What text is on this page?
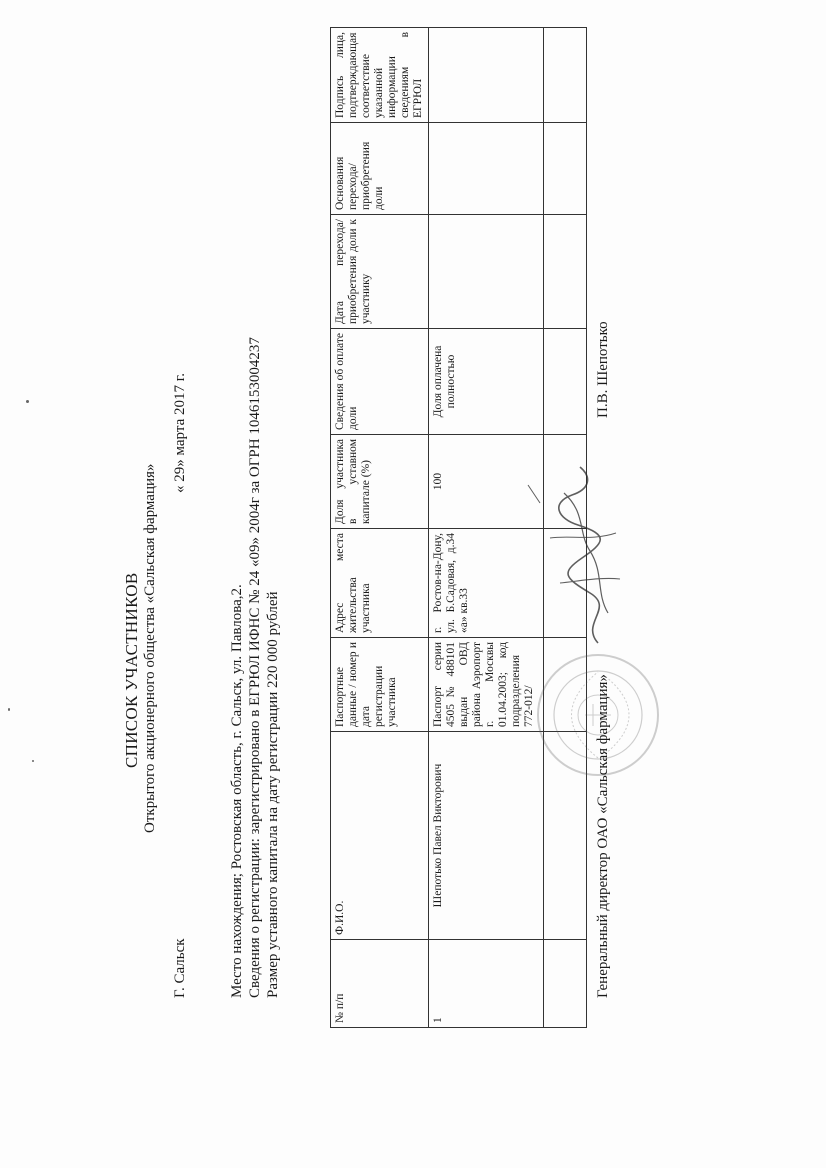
СПИСОК УЧАСТНИКОВ Открытого акционерного общества «Сальская фармация»
Г. Сальск
« 29» марта 2017 г.
Место нахождения; Ростовская область, г. Сальск, ул. Павлова,2. Сведения о регистрации: зарегистрировано в ЕГРЮЛ ИФНС № 24 «09» 2004г за ОГРН 1046153004237 Размер уставного капитала на дату регистрации 220 000 рублей
№ п/п	Ф.И.О.	Паспортные данные / номер и дата регистрации участника	Адрес места жительства участника	Доля участника в уставном капитале (%)	Сведения об оплате доли	Дата перехода/ приобретения доли к участнику	Основания перехода/ приобретения доли	Подпись лица, подтверждающая соответствие указанной информации сведениям в ЕГРЮЛ
1	Шепотько Павел Викторович	Паспорт серии 4505 № 488101 выдан ОВД района Аэропорт г. Москвы 01.04.2003; код подразделения 772-012/	г. Ростов-на-Дону, ул. Б.Садовая, д.34 «а» кв.33	100	Доля оплачена полностью			

Генеральный директор ОАО «Сальская фармация»
П.В. Шепотько
